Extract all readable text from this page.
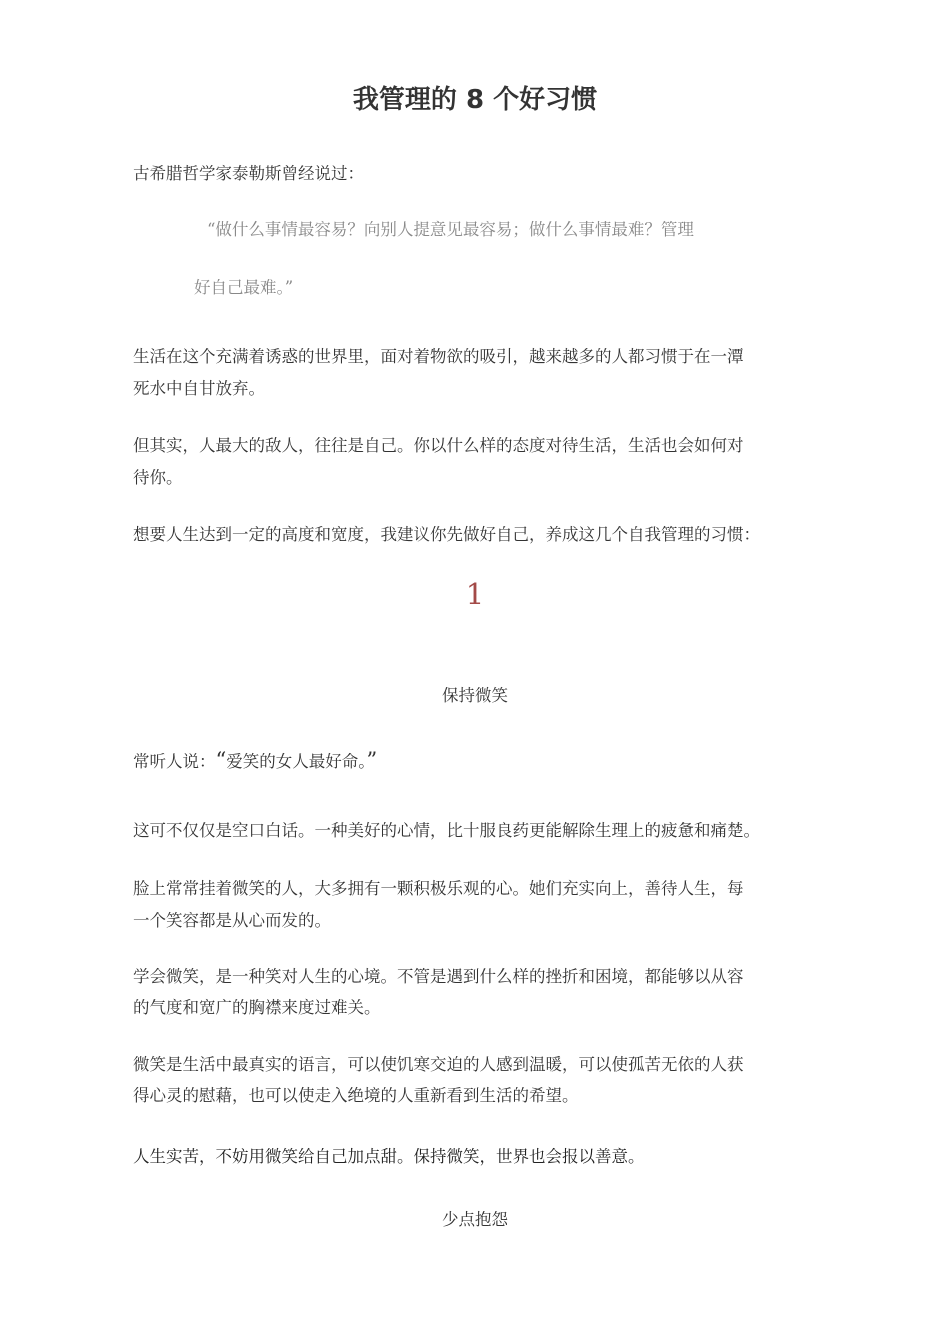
我管理的 8 个好习惯

古希腊哲学家泰勒斯曾经说过：

“做什么事情最容易？向别人提意见最容易；做什么事情最难？管理

好自己最难。”

生活在这个充满着诱惑的世界里，面对着物欲的吸引，越来越多的人都习惯于在一潭

死水中自甘放弃。

但其实，人最大的敌人，往往是自己。你以什么样的态度对待生活，生活也会如何对

待你。

想要人生达到一定的高度和宽度，我建议你先做好自己，养成这几个自我管理的习惯：

1
保持微笑

常听人说：“爱笑的女人最好命。”

这可不仅仅是空口白话。一种美好的心情，比十服良药更能解除生理上的疲惫和痛楚。

脸上常常挂着微笑的人，大多拥有一颗积极乐观的心。她们充实向上，善待人生，每

一个笑容都是从心而发的。

学会微笑，是一种笑对人生的心境。不管是遇到什么样的挫折和困境，都能够以从容

的气度和宽广的胸襟来度过难关。

微笑是生活中最真实的语言，可以使饥寒交迫的人感到温暖，可以使孤苦无依的人获

得心灵的慰藉，也可以使走入绝境的人重新看到生活的希望。

人生实苦，不妨用微笑给自己加点甜。保持微笑，世界也会报以善意。

少点抱怨
